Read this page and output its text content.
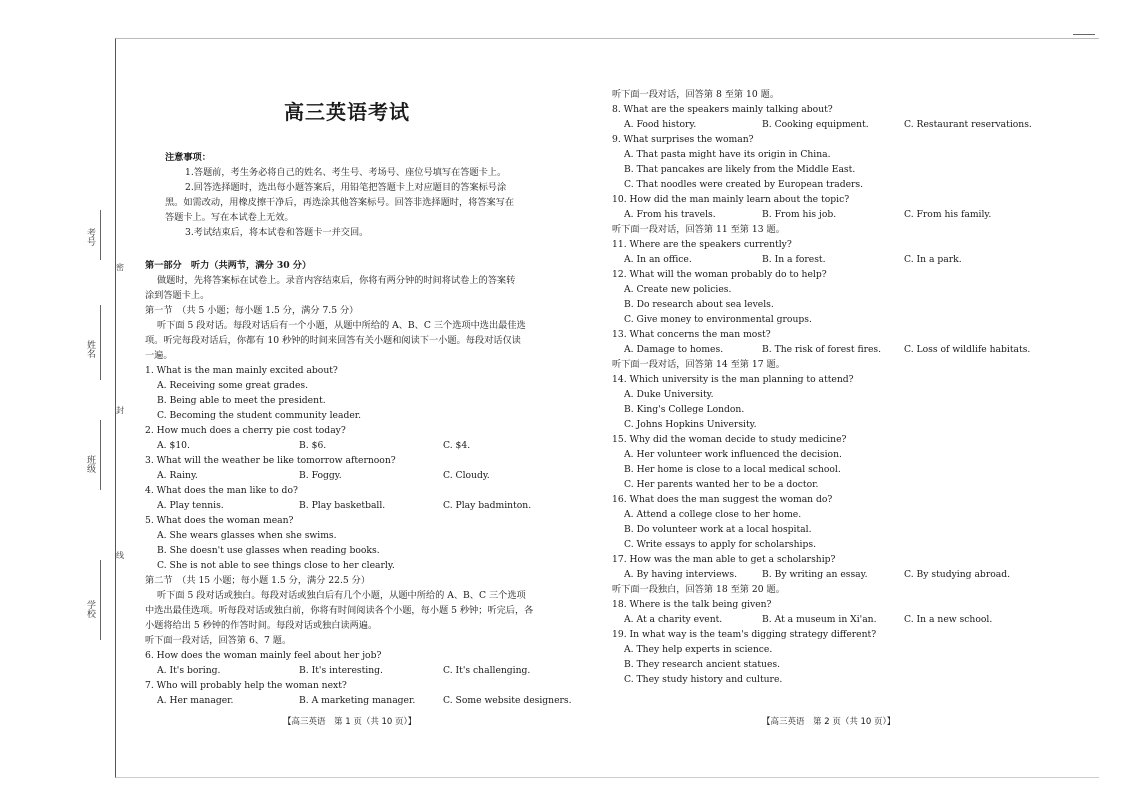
考号
姓名
班级
学校
密
封
线
高三英语考试
注意事项：
1.答题前，考生务必将自己的姓名、考生号、考场号、座位号填写在答题卡上。
2.回答选择题时，选出每小题答案后，用铅笔把答题卡上对应题目的答案标号涂
黑。如需改动，用橡皮擦干净后，再选涂其他答案标号。回答非选择题时，将答案写在
答题卡上。写在本试卷上无效。
3.考试结束后，将本试卷和答题卡一并交回。
第一部分　听力（共两节，满分 30 分）
做题时，先将答案标在试卷上。录音内容结束后，你将有两分钟的时间将试卷上的答案转
涂到答题卡上。
第一节　（共 5 小题；每小题 1.5 分，满分 7.5 分）
听下面 5 段对话。每段对话后有一个小题，从题中所给的 A、B、C 三个选项中选出最佳选
项。听完每段对话后，你都有 10 秒钟的时间来回答有关小题和阅读下一小题。每段对话仅读
一遍。
1. What is the man mainly excited about?
A. Receiving some great grades.
B. Being able to meet the president.
C. Becoming the student community leader.
2. How much does a cherry pie cost today?
A. $10.	B. $6.	C. $4.
3. What will the weather be like tomorrow afternoon?
A. Rainy.	B. Foggy.	C. Cloudy.
4. What does the man like to do?
A. Play tennis.	B. Play basketball.	C. Play badminton.
5. What does the woman mean?
A. She wears glasses when she swims.
B. She doesn't use glasses when reading books.
C. She is not able to see things close to her clearly.
第二节　（共 15 小题；每小题 1.5 分，满分 22.5 分）
听下面 5 段对话或独白。每段对话或独白后有几个小题，从题中所给的 A、B、C 三个选项
中选出最佳选项。听每段对话或独白前，你将有时间阅读各个小题，每小题 5 秒钟；听完后，各
小题将给出 5 秒钟的作答时间。每段对话或独白读两遍。
听下面一段对话，回答第 6、7 题。
6. How does the woman mainly feel about her job?
A. It's boring.	B. It's interesting.	C. It's challenging.
7. Who will probably help the woman next?
A. Her manager.	B. A marketing manager.	C. Some website designers.
【高三英语　第 1 页（共 10 页）】
听下面一段对话，回答第 8 至第 10 题。
8. What are the speakers mainly talking about?
A. Food history.	B. Cooking equipment.	C. Restaurant reservations.
9. What surprises the woman?
A. That pasta might have its origin in China.
B. That pancakes are likely from the Middle East.
C. That noodles were created by European traders.
10. How did the man mainly learn about the topic?
A. From his travels.	B. From his job.	C. From his family.
听下面一段对话，回答第 11 至第 13 题。
11. Where are the speakers currently?
A. In an office.	B. In a forest.	C. In a park.
12. What will the woman probably do to help?
A. Create new policies.
B. Do research about sea levels.
C. Give money to environmental groups.
13. What concerns the man most?
A. Damage to homes.	B. The risk of forest fires.	C. Loss of wildlife habitats.
听下面一段对话，回答第 14 至第 17 题。
14. Which university is the man planning to attend?
A. Duke University.
B. King's College London.
C. Johns Hopkins University.
15. Why did the woman decide to study medicine?
A. Her volunteer work influenced the decision.
B. Her home is close to a local medical school.
C. Her parents wanted her to be a doctor.
16. What does the man suggest the woman do?
A. Attend a college close to her home.
B. Do volunteer work at a local hospital.
C. Write essays to apply for scholarships.
17. How was the man able to get a scholarship?
A. By having interviews.	B. By writing an essay.	C. By studying abroad.
听下面一段独白，回答第 18 至第 20 题。
18. Where is the talk being given?
A. At a charity event.	B. At a museum in Xi'an.	C. In a new school.
19. In what way is the team's digging strategy different?
A. They help experts in science.
B. They research ancient statues.
C. They study history and culture.
【高三英语　第 2 页（共 10 页）】
